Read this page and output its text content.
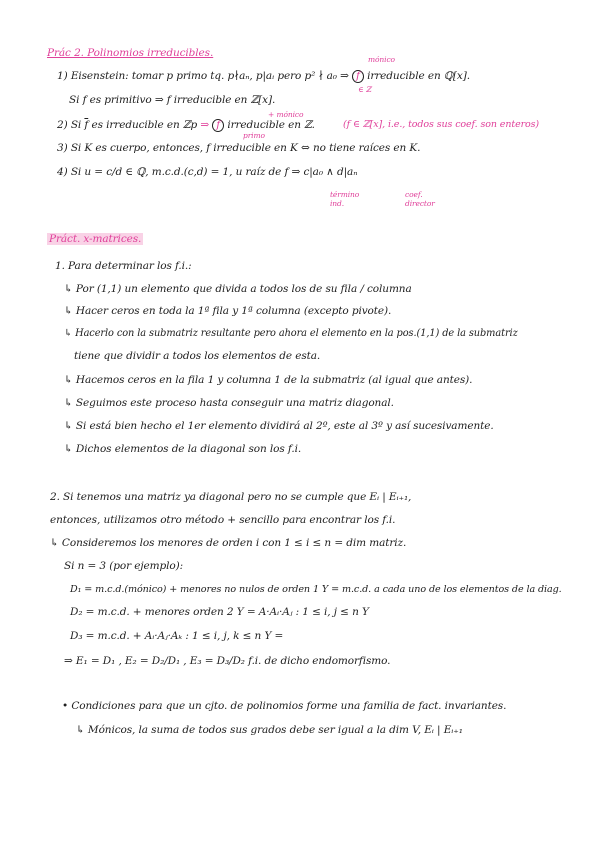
Prác 2. Polinomios irreducibles.
mónico
1) Eisenstein: tomar p primo tq. p∤aₙ, p|aᵢ pero p² ∤ a₀ ⇒ f irreducible en ℚ[x].
∈ ℤ
Si f es primitivo ⇒ f irreducible en ℤ[x].
+ mónico
2) Si $\overline{f}$ es irreducible en ℤp ⇒ f irreducible en ℤ.	(f ∈ ℤ[x], i.e., todos sus coef. son enteros)
primo
3) Si K es cuerpo, entonces, f irreducible en K ⇔ no tiene raíces en K.
4) Si u = c/d ∈ ℚ, m.c.d.(c,d) = 1, u raíz de f ⇒ c|a₀ ∧ d|aₙ
término ind.
coef. director
Práct. x-matrices.
1. Para determinar los f.i.:
↳ Por (1,1) un elemento que divida a todos los de su fila / columna
↳ Hacer ceros en toda la 1ª fila y 1ª columna (excepto pivote).
↳ Hacerlo con la submatriz resultante pero ahora el elemento en la pos.(1,1) de la submatriz
tiene que dividir a todos los elementos de esta.
↳ Hacemos ceros en la fila 1 y columna 1 de la submatriz (al igual que antes).
↳ Seguimos este proceso hasta conseguir una matriz diagonal.
↳ Si está bien hecho el 1er elemento dividirá al 2º, este al 3º y así sucesivamente.
↳ Dichos elementos de la diagonal son los f.i.
2. Si tenemos una matriz ya diagonal pero no se cumple que Eᵢ | Eᵢ₊₁,
entonces, utilizamos otro método + sencillo para encontrar los f.i.
↳ Consideremos los menores de orden i con 1 ≤ i ≤ n = dim matriz.
Si n = 3 (por ejemplo):
D₁ = m.c.d.(mónico) + menores no nulos de orden 1 Y = m.c.d. a cada uno de los elementos de la diag.
D₂ = m.c.d. + menores orden 2 Y = A·Aᵢ·Aⱼ : 1 ≤ i, j ≤ n Y
D₃ = m.c.d. + Aᵢ·Aⱼ·Aₖ : 1 ≤ i, j, k ≤ n Y =
⇒ E₁ = D₁ , E₂ = D₂/D₁ , E₃ = D₃/D₂ f.i. de dicho endomorfismo.
• Condiciones para que un cjto. de polinomios forme una familia de fact. invariantes.
↳ Mónicos, la suma de todos sus grados debe ser igual a la dim V, Eᵢ | Eᵢ₊₁
